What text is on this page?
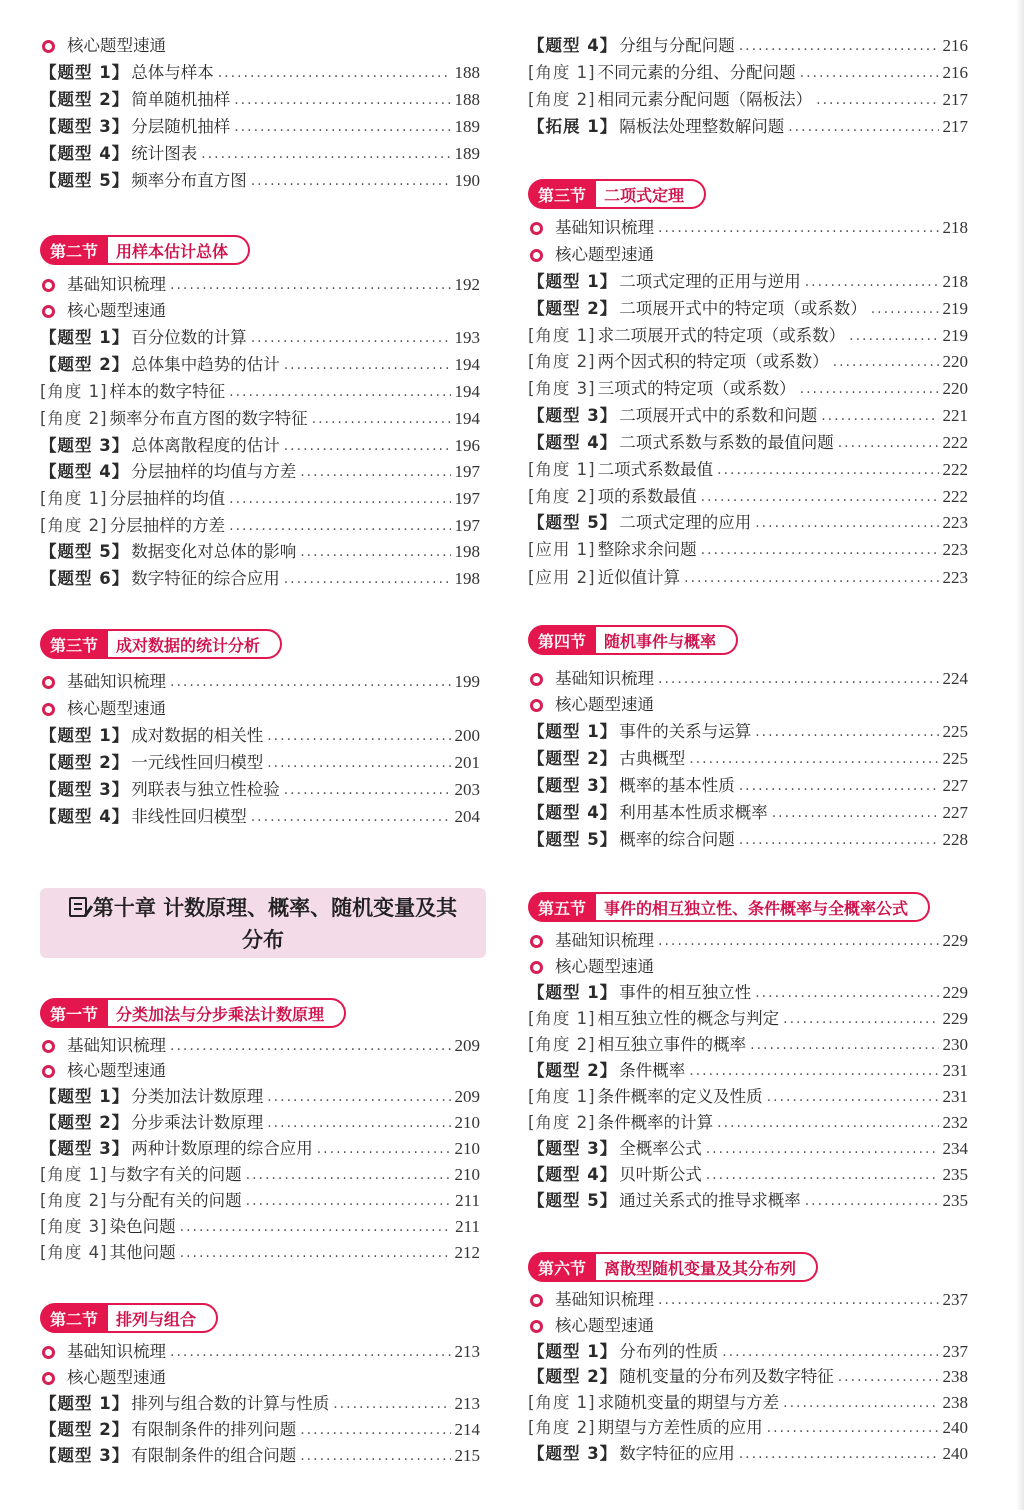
核心题型速通
【题型 1】 总体与样本 .....	188
【题型 2】 简单随机抽样 .....	188
【题型 3】 分层随机抽样 .....	189
【题型 4】 统计图表 .....	189
【题型 5】 频率分布直方图 .....	190
第二节	用样本估计总体
基础知识梳理 .....	192
核心题型速通
【题型 1】 百分位数的计算 .....	193
【题型 2】 总体集中趋势的估计 .....	194
[角度 1] 样本的数字特征 .....	194
[角度 2] 频率分布直方图的数字特征 .....	194
【题型 3】 总体离散程度的估计 .....	196
【题型 4】 分层抽样的均值与方差 .....	197
[角度 1] 分层抽样的均值 .....	197
[角度 2] 分层抽样的方差 .....	197
【题型 5】 数据变化对总体的影响 .....	198
【题型 6】 数字特征的综合应用 .....	198
第三节	成对数据的统计分析
基础知识梳理 .....	199
核心题型速通
【题型 1】 成对数据的相关性 .....	200
【题型 2】 一元线性回归模型 .....	201
【题型 3】 列联表与独立性检验 .....	203
【题型 4】 非线性回归模型 .....	204
第一节	分类加法与分步乘法计数原理
基础知识梳理 .....	209
核心题型速通
【题型 1】 分类加法计数原理 .....	209
【题型 2】 分步乘法计数原理 .....	210
【题型 3】 两种计数原理的综合应用 .....	210
[角度 1] 与数字有关的问题 .....	210
[角度 2] 与分配有关的问题 .....	211
[角度 3] 染色问题 .....	211
[角度 4] 其他问题 .....	212
第二节	排列与组合
基础知识梳理 .....	213
核心题型速通
【题型 1】 排列与组合数的计算与性质 .....	213
【题型 2】 有限制条件的排列问题 .....	214
【题型 3】 有限制条件的组合问题 .....	215
第十章 计数原理、概率、随机变量及其
分布
【题型 4】 分组与分配问题 .....	216
[角度 1] 不同元素的分组、分配问题 .....	216
[角度 2] 相同元素分配问题（隔板法） .....	217
【拓展 1】 隔板法处理整数解问题 .....	217
第三节	二项式定理
基础知识梳理 .....	218
核心题型速通
【题型 1】 二项式定理的正用与逆用 .....	218
【题型 2】 二项展开式中的特定项（或系数） .....	219
[角度 1] 求二项展开式的特定项（或系数） .....	219
[角度 2] 两个因式积的特定项（或系数） .....	220
[角度 3] 三项式的特定项（或系数） .....	220
【题型 3】 二项展开式中的系数和问题 .....	221
【题型 4】 二项式系数与系数的最值问题 .....	222
[角度 1] 二项式系数最值 .....	222
[角度 2] 项的系数最值 .....	222
【题型 5】 二项式定理的应用 .....	223
[应用 1] 整除求余问题 .....	223
[应用 2] 近似值计算 .....	223
第四节	随机事件与概率
基础知识梳理 .....	224
核心题型速通
【题型 1】 事件的关系与运算 .....	225
【题型 2】 古典概型 .....	225
【题型 3】 概率的基本性质 .....	227
【题型 4】 利用基本性质求概率 .....	227
【题型 5】 概率的综合问题 .....	228
第五节	事件的相互独立性、条件概率与全概率公式
基础知识梳理 .....	229
核心题型速通
【题型 1】 事件的相互独立性 .....	229
[角度 1] 相互独立性的概念与判定 .....	229
[角度 2] 相互独立事件的概率 .....	230
【题型 2】 条件概率 .....	231
[角度 1] 条件概率的定义及性质 .....	231
[角度 2] 条件概率的计算 .....	232
【题型 3】 全概率公式 .....	234
【题型 4】 贝叶斯公式 .....	235
【题型 5】 通过关系式的推导求概率 .....	235
第六节	离散型随机变量及其分布列
基础知识梳理 .....	237
核心题型速通
【题型 1】 分布列的性质 .....	237
【题型 2】 随机变量的分布列及数字特征 .....	238
[角度 1] 求随机变量的期望与方差 .....	238
[角度 2] 期望与方差性质的应用 .....	240
【题型 3】 数字特征的应用 .....	240
